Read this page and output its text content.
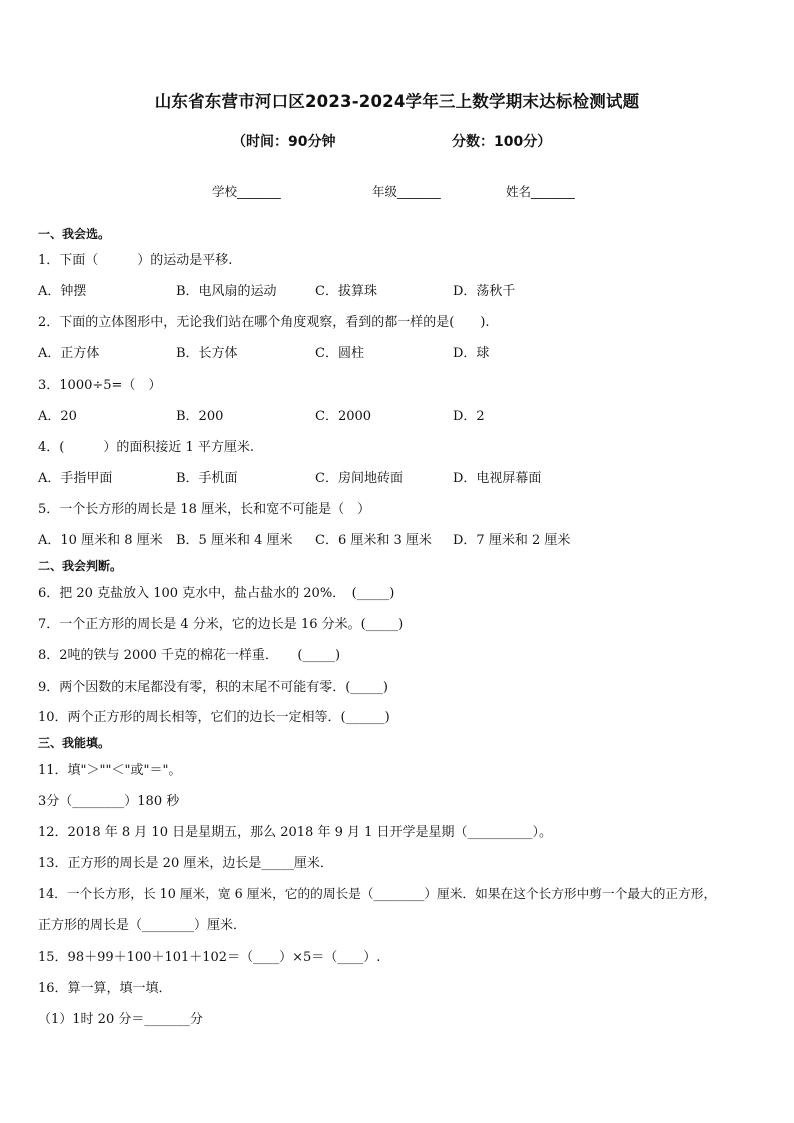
山东省东营市河口区2023-2024学年三上数学期末达标检测试题
（时间：90分钟	分数：100分）
学校_______	年级_______	姓名_______
一、我会选。
1．下面（　　　）的运动是平移.
A．钟摆	B．电风扇的运动	C．拔算珠	D．荡秋千
2．下面的立体图形中，无论我们站在哪个角度观察，看到的都一样的是(　　).
A．正方体	B．长方体	C．圆柱	D．球
3．1000÷5=（　）
A．20	B．200	C．2000	D．2
4．(　　　）的面积接近 1 平方厘米.
A．手指甲面	B．手机面	C．房间地砖面	D．电视屏幕面
5．一个长方形的周长是 18 厘米，长和宽不可能是（　）
A．10 厘米和 8 厘米 B．5 厘米和 4 厘米 C．6 厘米和 3 厘米 D．7 厘米和 2 厘米
二、我会判断。
6．把 20 克盐放入 100 克水中，盐占盐水的 20%．　(_____)
7．一个正方形的周长是 4 分米，它的边长是 16 分米。(_____)
8．2吨的铁与 2000 千克的棉花一样重．　　(_____)
9．两个因数的末尾都没有零，积的末尾不可能有零．(_____)
10．两个正方形的周长相等，它们的边长一定相等．(______)
三、我能填。
11．填"＞""＜"或"＝"。
3分（________）180 秒
12．2018 年 8 月 10 日是星期五，那么 2018 年 9 月 1 日开学是星期（__________）。
13．正方形的周长是 20 厘米，边长是_____厘米．
14．一个长方形，长 10 厘米，宽 6 厘米，它的的周长是（________）厘米．如果在这个长方形中剪一个最大的正方形，
正方形的周长是（________）厘米．
15．98＋99＋100＋101＋102＝（____）×5＝（____）.
16．算一算，填一填．
（1）1时 20 分＝_______分
